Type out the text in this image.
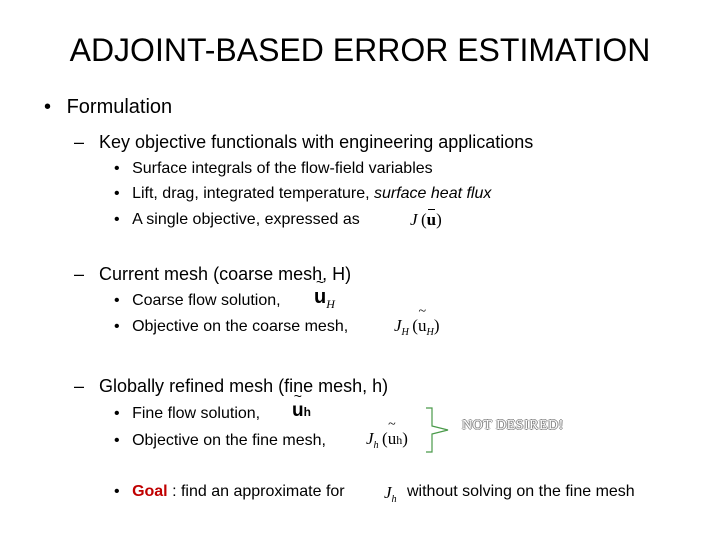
ADJOINT-BASED ERROR ESTIMATION
• Formulation
– Key objective functionals with engineering applications
• Surface integrals of the flow-field variables
• Lift, drag, integrated temperature, surface heat flux
• A single objective, expressed as	J (u)
– Current mesh (coarse mesh, H)
• Coarse flow solution, ~ $u_H$
• Objective on the coarse mesh,	$J_H$ (~ $u_H$)
– Globally refined mesh (fine mesh, h)
• Fine flow solution, ~ uh
• Objective on the fine mesh, $J_h$ (~ uh)
NOT DESIRED!
• Goal : find an approximate for $J_h$ without solving on the fine mesh
